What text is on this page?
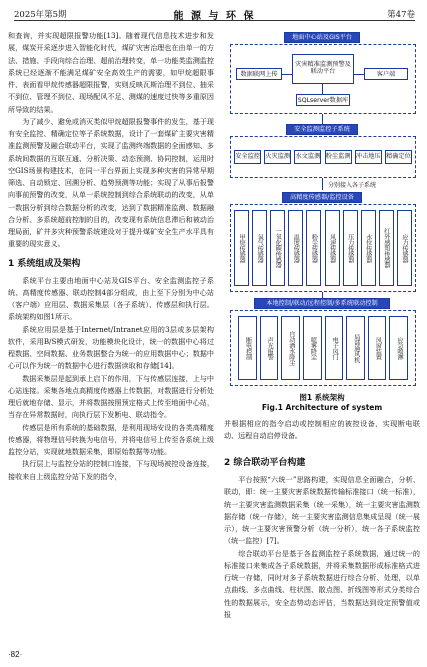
2025年第5期	能 源 与 环 保	第47卷

和查询，并实现超限报警功能[13]。随着现代信息技术进步和发展，煤炭开采逐步进入智能化时代，煤矿灾害治理也在由单一的方法、措施、手段向综合治理、超前治理转变，单一功能类监测监控系统已经逐渐不能满足煤矿安全高效生产的需要，如甲烷超限事件、表面看甲烷传感器超限报警，实则反映瓦斯治理不到位、抽采不到位、管理不到位、现场配风不足、测煤的速度过快等多重原因所导致的结果。

为了减少、避免或消灭类似甲烷超限报警事件的发生，基于现有安全监控、精确定位等子系统数据，设计了一套煤矿主要灾害精准监测预警及融合联动平台，实现了监测终端数据的全面感知、多系统间数据的互联互通、分析决策、动态预测、协同控制，运用时空GIS场景构建技术，在同一平台界面上实现多种灾害的异常早期筛选、自动锁定、回溯分析、趋势预测等功能；实现了从事后报警向事前预警的改变，从单一系统控制到综合系统联动的改变，从单一数据分析到综合数据分析的改变，达到了数据精准监测、数据融合分析、多系统超前控制的目的，改变现有系统信息滞后和被动治理局面，矿井多灾种预警系统建设对于提升煤矿安全生产水平具有重要的现实意义。

1 系统组成及架构

系统平台主要由地面中心站及GIS平台、安全监测监控子系统、高精度传感器、联动控制4部分组成，由上至下分别为中心站（客户端）应用层、数据采集层（各子系统）、传感层和执行层。系统架构如图1所示。

系统应用层是基于Internet/Intranet应用的3层或多层架构软件，采用B/S模式研发，功能模块化设计，统一的数据中心将过程数据、空间数据、业务数据整合为统一的应用数据中心；数据中心可以作为统一的数据中心进行数据读取和存储[14]。

数据采集层是起到承上启下的作用，下与传感层连接，上与中心站连接。采集各地点高精度传感器上传数据，对数据进行分析处理后就地存储、显示，并将数据按照预定格式上传至地面中心站，当存在异常数据时，向执行层下发断电、联动指令。

传感层是所有系统的基础数据，是利用现场安设的各类高精度传感器，将物理信号转换为电信号，并将电信号上传至各系统上级监控分站，实现就地数据采集，即原始数据等功能。

执行层上与监控分站的控制口连接，下与现场被控设备连接，接收来自上级监控分站下发的指令，

地面中心站及GIS平台
数据联网上传
灾害精准监测预警及联动平台	客户端
SQLserver数据库
安全监测监控子系统
安全监控 火灾监测 水文监测 粉尘监测 冲击地压 精确定位
分别接入各子系统
高精度传感器/监控设备
甲烷传感器	氧气传感器	一氧化碳传感器	温度传感器	粉尘传感器	风速传感器	压力传感器	水位传感器	红外感知传感器	应力传感器
本地控制/联动/远程控制/多系统联动控制
断电控制	声光报警	自动洒水降尘	喷雾降尘	电子风门	局部通风机	风窗装置	应急喷淋
图1 系统架构
Fig.1 Architecture of system

并根据相应的指令启动或控制相应的被控设备，实现断电联动、远程自动启停设备。

2 综合联动平台构建

平台按照“六统一”思路构建，实现信息全面融合，分析、联动，即：统一主要灾害系统数据传输标准接口（统一标准），统一主要灾害监测数据采集（统一采集），统一主要灾害监测数据存储（统一存储），统一主要灾害监测信息集成呈现（统一展示），统一主要灾害预警分析（统一分析），统一各子系统监控（统一监控）[7]。

综合联动平台是基于各监测监控子系统数据，通过统一的标准接口来集成各子系统数据，并将采集数据形成标准格式进行统一存储，同时对多子系统数据进行综合分析、处理，以单点曲线、多点曲线、柱状图、散点图、折线图等形式分类综合性的数据展示，安全态势动态评估，当数据达到设定预警值或报

·82·
